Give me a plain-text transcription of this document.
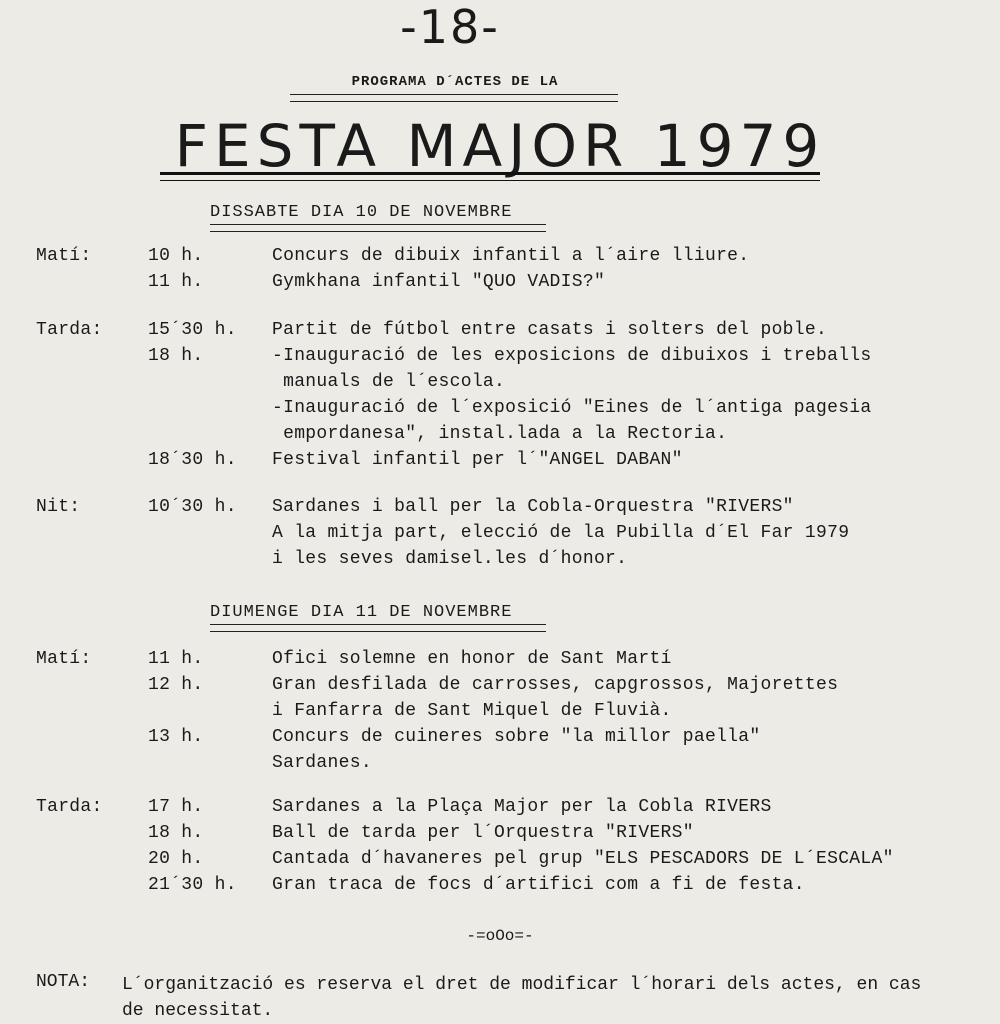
-18-
PROGRAMA D´ACTES DE LA
FESTA MAJOR 1979
DISSABTE DIA 10 DE NOVEMBRE
Matí:	10 h.	Concurs de dibuix infantil a l´aire lliure.
11 h.	Gymkhana infantil "QUO VADIS?"
Tarda:	15´30 h. Partit de fútbol entre casats i solters del poble.
18 h.	-Inauguració de les exposicions de dibuixos i treballs
manuals de l´escola.
-Inauguració de l´exposició "Eines de l´antiga pagesia
empordanesa", instal.lada a la Rectoria.
18´30 h. Festival infantil per l´"ANGEL DABAN"
Nit:	10´30 h. Sardanes i ball per la Cobla-Orquestra "RIVERS"
A la mitja part, elecció de la Pubilla d´El Far 1979
i les seves damisel.les d´honor.
DIUMENGE DIA 11 DE NOVEMBRE
Matí:	11 h.	Ofici solemne en honor de Sant Martí
12 h.	Gran desfilada de carrosses, capgrossos, Majorettes
i Fanfarra de Sant Miquel de Fluvià.
13 h.	Concurs de cuineres sobre "la millor paella"
Sardanes.
Tarda:	17 h.	Sardanes a la Plaça Major per la Cobla RIVERS
18 h.	Ball de tarda per l´Orquestra "RIVERS"
20 h.	Cantada d´havaneres pel grup "ELS PESCADORS DE L´ESCALA"
21´30 h. Gran traca de focs d´artifici com a fi de festa.
-=oOo=-
NOTA: L´organització es reserva el dret de modificar l´horari dels actes, en cas de necessitat.
